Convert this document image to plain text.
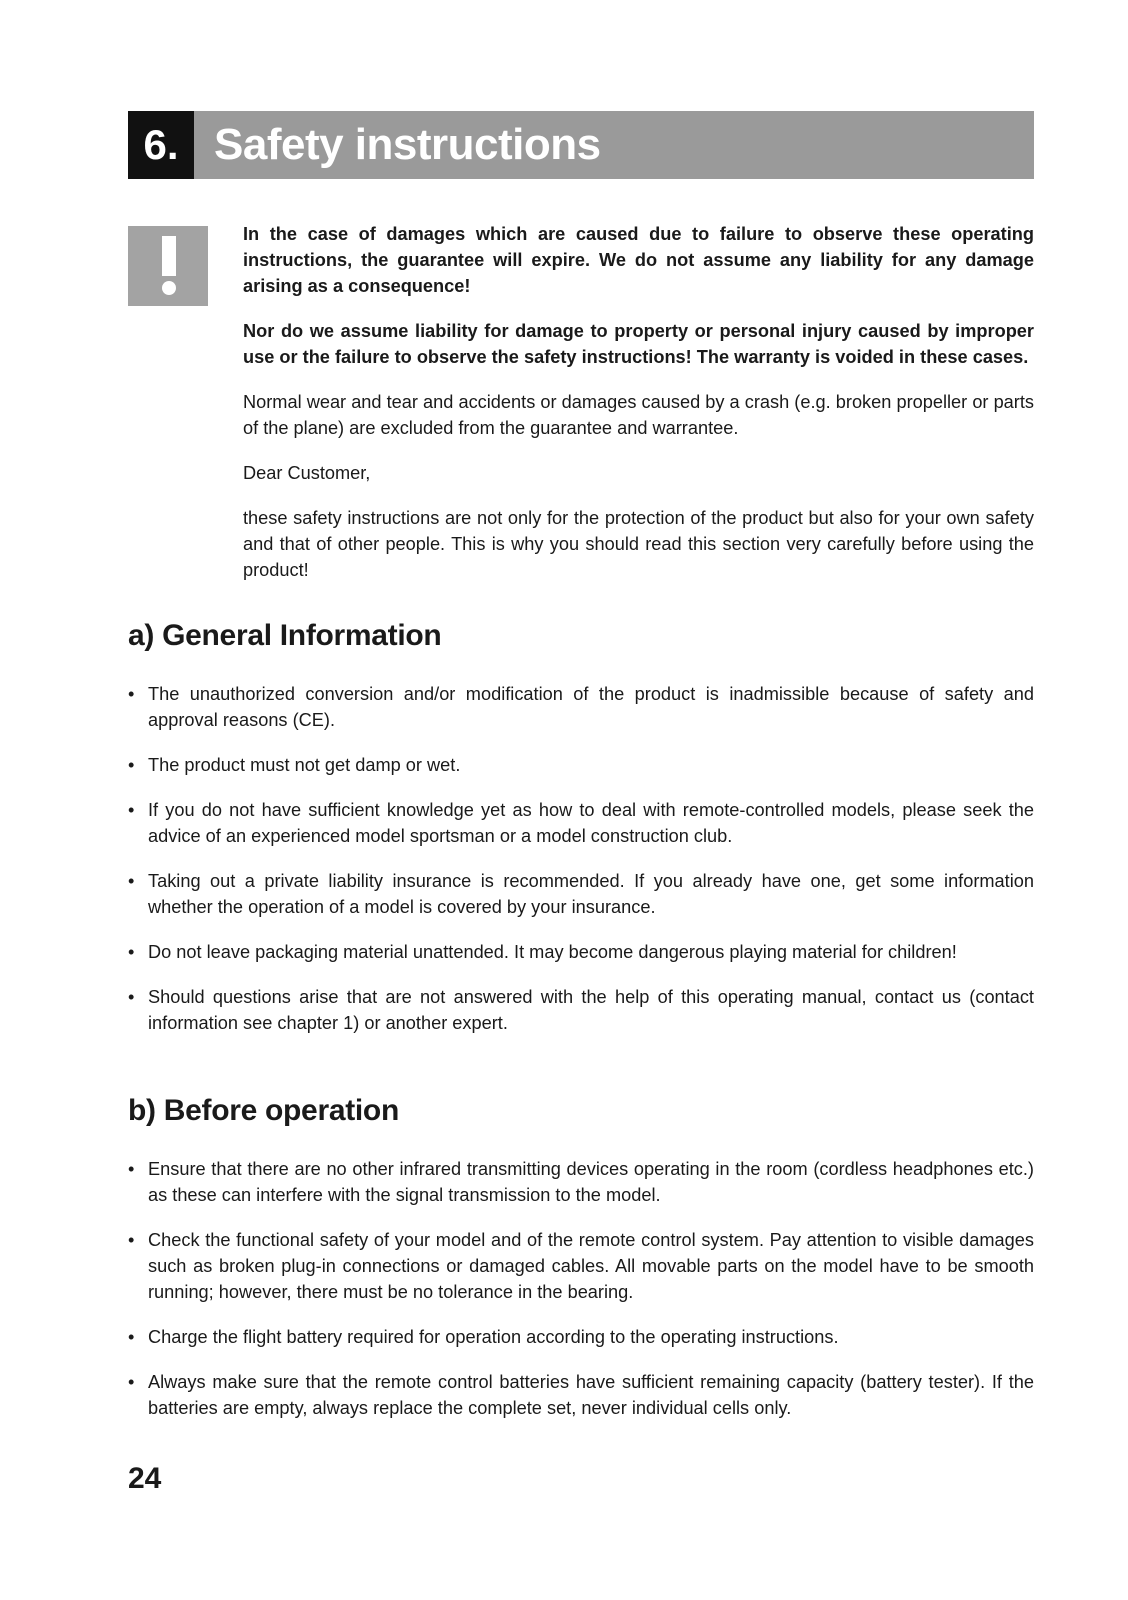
6. Safety instructions

In the case of damages which are caused due to failure to observe these operating instructions, the guarantee will expire. We do not assume any liability for any damage arising as a consequence!

Nor do we assume liability for damage to property or personal injury caused by improper use or the failure to observe the safety instructions! The warranty is voided in these cases.

Normal wear and tear and accidents or damages caused by a crash (e.g. broken propeller or parts of the plane) are excluded from the guarantee and warrantee.

Dear Customer,

these safety instructions are not only for the protection of the product but also for your own safety and that of other people. This is why you should read this section very carefully before using the product!

a) General Information
• The unauthorized conversion and/or modification of the product is inadmissible because of safety and approval reasons (CE).
• The product must not get damp or wet.
• If you do not have sufficient knowledge yet as how to deal with remote-controlled models, please seek the advice of an experienced model sportsman or a model construction club.
• Taking out a private liability insurance is recommended. If you already have one, get some information whether the operation of a model is covered by your insurance.
• Do not leave packaging material unattended. It may become dangerous playing material for children!
• Should questions arise that are not answered with the help of this operating manual, contact us (contact information see chapter 1) or another expert.
b) Before operation
• Ensure that there are no other infrared transmitting devices operating in the room (cordless headphones etc.) as these can interfere with the signal transmission to the model.
• Check the functional safety of your model and of the remote control system. Pay attention to visible damages such as broken plug-in connections or damaged cables. All movable parts on the model have to be smooth running; however, there must be no tolerance in the bearing.
• Charge the flight battery required for operation according to the operating instructions.
• Always make sure that the remote control batteries have sufficient remaining capacity (battery tester). If the batteries are empty, always replace the complete set, never individual cells only.
24
